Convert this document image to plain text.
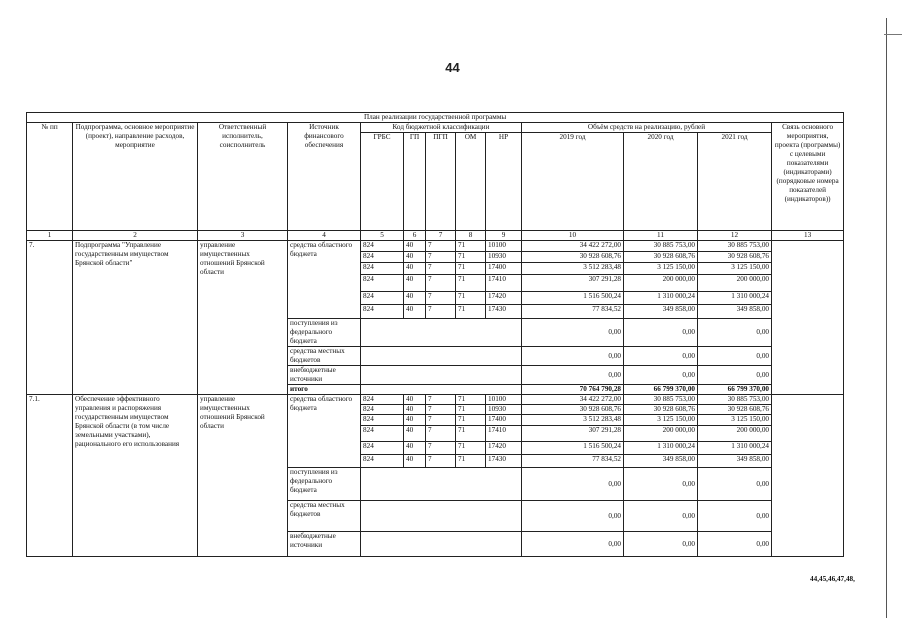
44
План реализации государственной программы												
№ пп	Подпрограмма, основное мероприятие (проект), направление расходов, мероприятие	Ответственный исполнитель, соисполнитель	Источник финансового обеспечения	Код бюджетной классификации					Объём средств на реализацию, рублей			Связь основного мероприятия, проекта (программы) с целевыми показателями (индикаторами) (порядковые номера показателей (индикаторов))
				ГРБС	ГП	ПГП	ОМ	НР	2019 год	2020 год	2021 год	
1	2	3	4	5	6	7	8	9	10	11	12	13
7.	Подпрограмма "Управление государственным имуществом Брянской области"	управление имущественных отношений Брянской области	средства областного бюджета	824	40	7	71	10100	34 422 272,00	30 885 753,00	30 885 753,00	
				824	40	7	71	10930	30 928 608,76	30 928 608,76	30 928 608,76	
				824	40	7	71	17400	3 512 283,48	3 125 150,00	3 125 150,00	
				824	40	7	71	17410	307 291,28	200 000,00	200 000,00	
				824	40	7	71	17420	1 516 500,24	1 310 000,24	1 310 000,24	
				824	40	7	71	17430	77 834,52	349 858,00	349 858,00	
			поступления из федерального бюджета						0,00	0,00	0,00	
			средства местных бюджетов						0,00	0,00	0,00	
			внебюджетные источники						0,00	0,00	0,00	
			итого						70 764 790,28	66 799 370,00	66 799 370,00	
7.1.	Обеспечение эффективного управления и распоряжения государственным имуществом Брянской области (в том числе земельными участками), рационального его использования	управление имущественных отношений Брянской области	средства областного бюджета	824	40	7	71	10100	34 422 272,00	30 885 753,00	30 885 753,00	
				824	40	7	71	10930	30 928 608,76	30 928 608,76	30 928 608,76	
				824	40	7	71	17400	3 512 283,48	3 125 150,00	3 125 150,00	
				824	40	7	71	17410	307 291,28	200 000,00	200 000,00	
				824	40	7	71	17420	1 516 500,24	1 310 000,24	1 310 000,24	
				824	40	7	71	17430	77 834,52	349 858,00	349 858,00	
			поступления из федерального бюджета						0,00	0,00	0,00	
			средства местных бюджетов						0,00	0,00	0,00	
			внебюджетные источники						0,00	0,00	0,00	
44,45,46,47,48,
